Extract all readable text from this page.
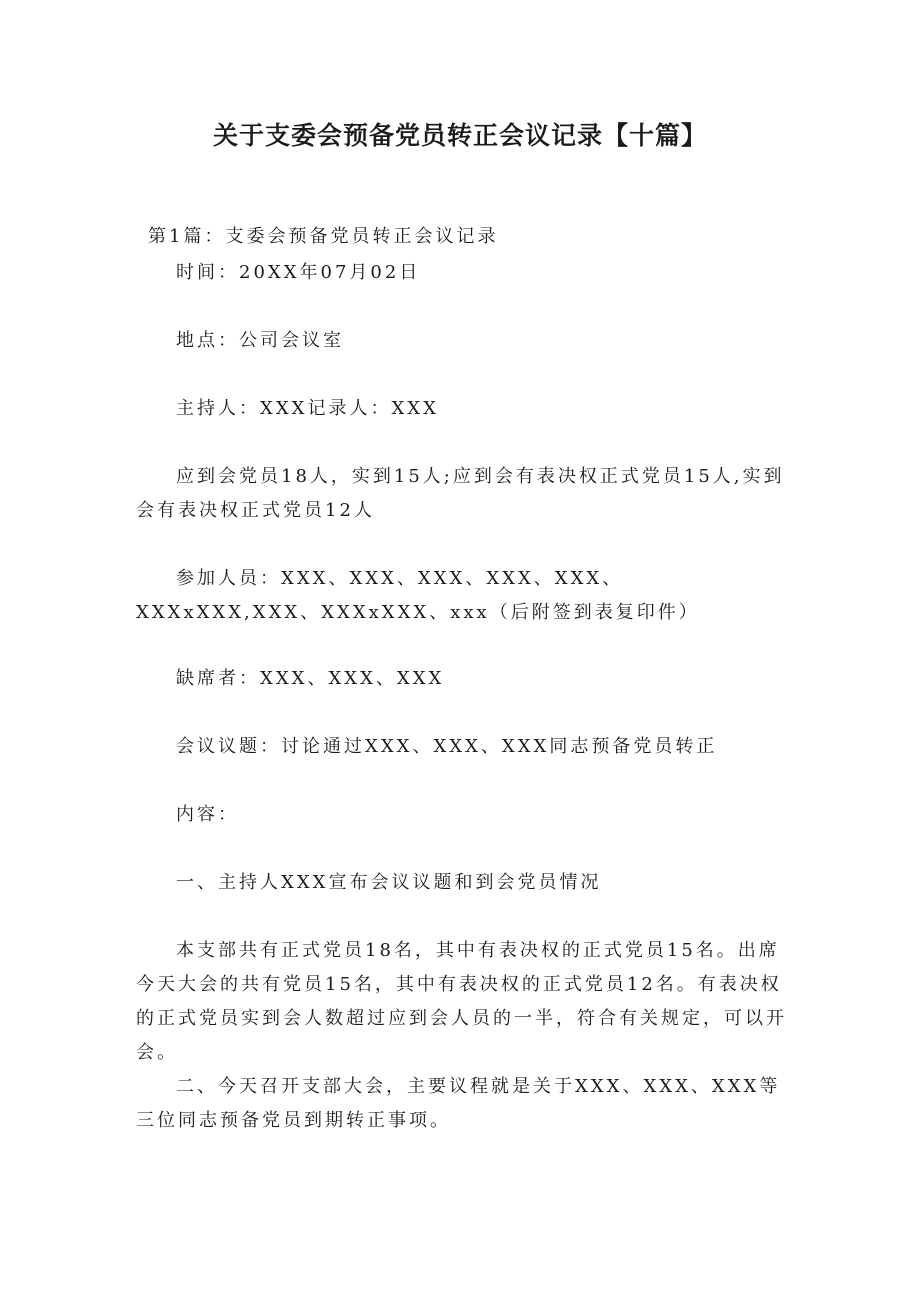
关于支委会预备党员转正会议记录【十篇】

第1篇：支委会预备党员转正会议记录

时间：20XX年07月02日

地点：公司会议室

主持人：XXX记录人：XXX

应到会党员18人，实到15人;应到会有表决权正式党员15人,实到会有表决权正式党员12人

参加人员：XXX、XXX、XXX、XXX、XXX、XXXxXXX,XXX、XXXxXXX、xxx（后附签到表复印件）

缺席者：XXX、XXX、XXX

会议议题：讨论通过XXX、XXX、XXX同志预备党员转正

内容：

一、主持人XXX宣布会议议题和到会党员情况

本支部共有正式党员18名，其中有表决权的正式党员15名。出席今天大会的共有党员15名，其中有表决权的正式党员12名。有表决权的正式党员实到会人数超过应到会人员的一半，符合有关规定，可以开会。

二、今天召开支部大会，主要议程就是关于XXX、XXX、XXX等三位同志预备党员到期转正事项。
